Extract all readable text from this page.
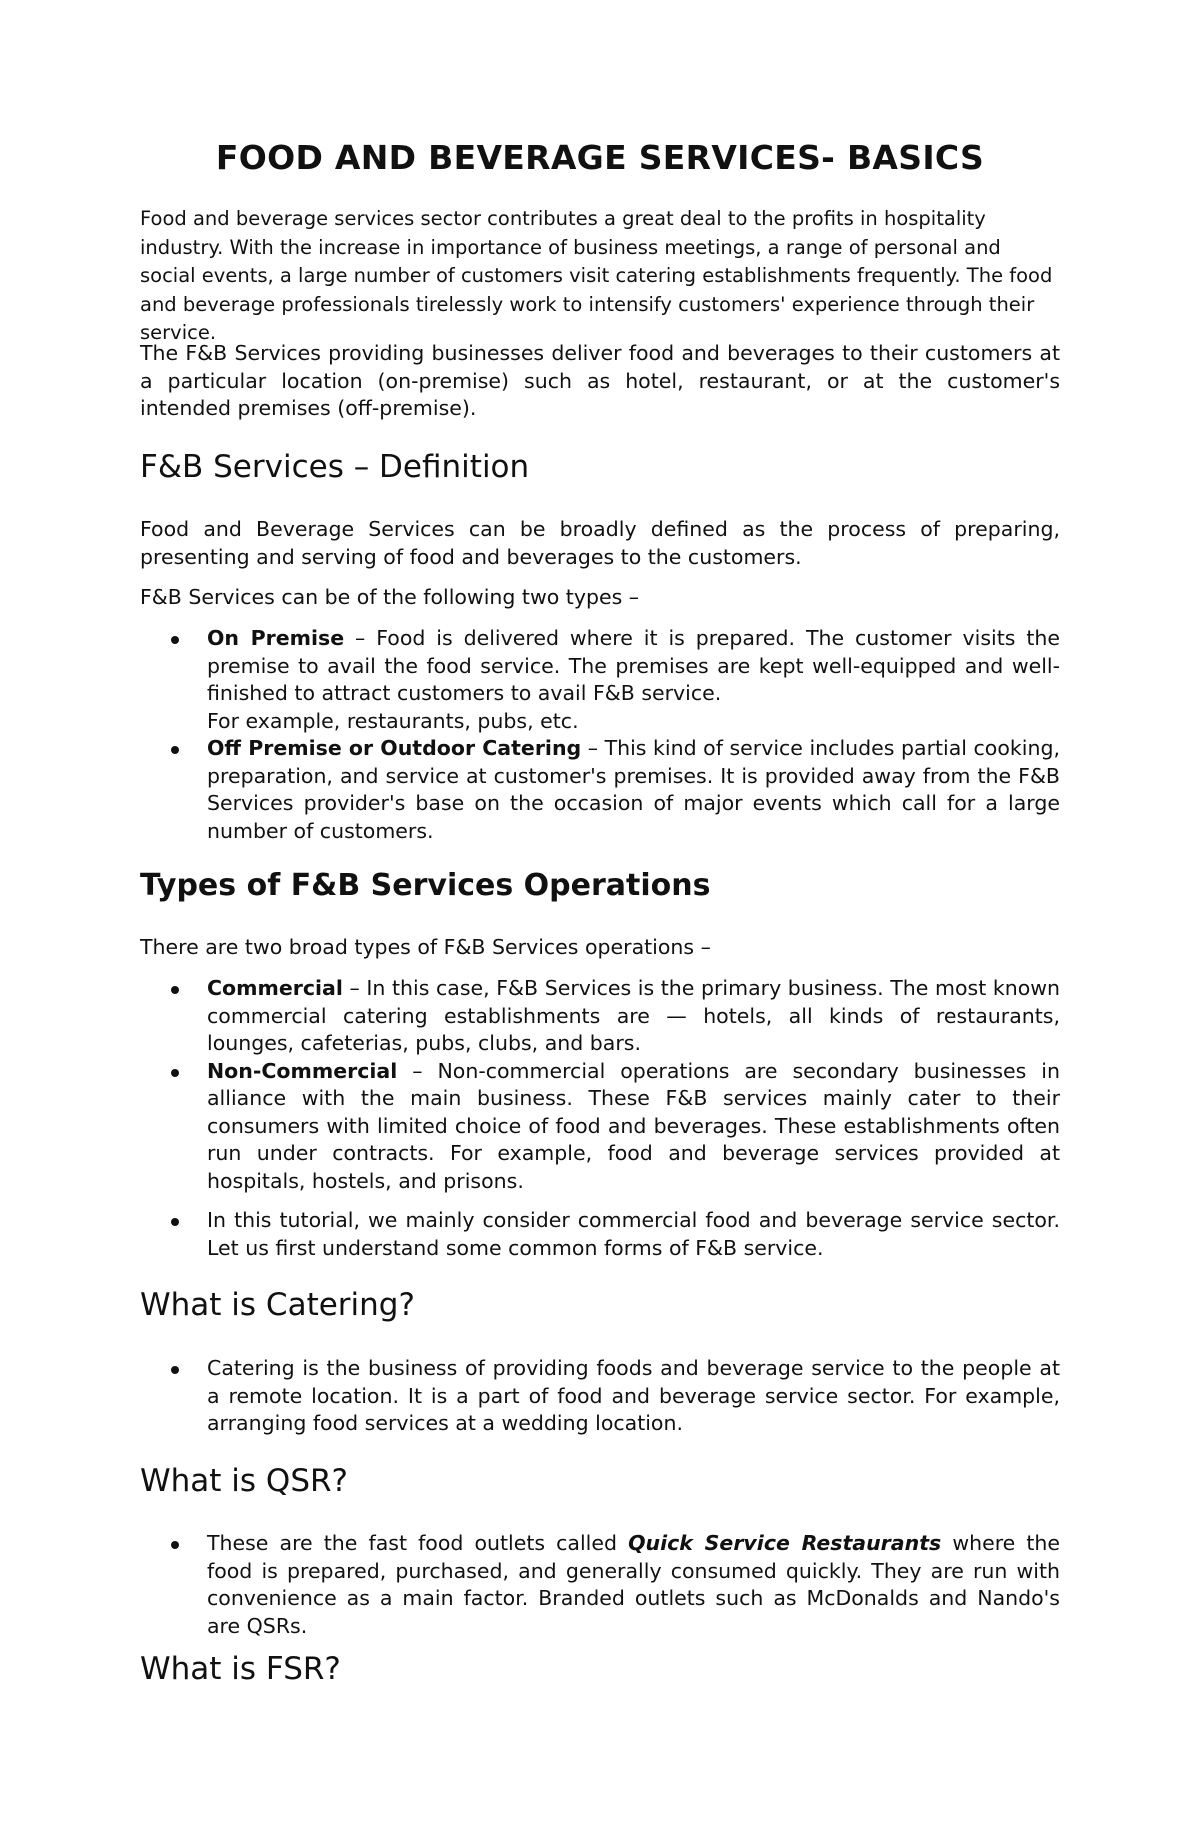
FOOD AND BEVERAGE SERVICES- BASICS

Food and beverage services sector contributes a great deal to the profits in hospitality industry. With the increase in importance of business meetings, a range of personal and social events, a large number of customers visit catering establishments frequently. The food and beverage professionals tirelessly work to intensify customers' experience through their service.

The F&B Services providing businesses deliver food and beverages to their customers at a particular location (on-premise) such as hotel, restaurant, or at the customer's intended premises (off-premise).

F&B Services – Definition

Food and Beverage Services can be broadly defined as the process of preparing, presenting and serving of food and beverages to the customers.

F&B Services can be of the following two types –

On Premise – Food is delivered where it is prepared. The customer visits the premise to avail the food service. The premises are kept well-equipped and well-finished to attract customers to avail F&B service.
For example, restaurants, pubs, etc.
Off Premise or Outdoor Catering – This kind of service includes partial cooking, preparation, and service at customer's premises. It is provided away from the F&B Services provider's base on the occasion of major events which call for a large number of customers.
Types of F&B Services Operations

There are two broad types of F&B Services operations –

Commercial – In this case, F&B Services is the primary business. The most known commercial catering establishments are — hotels, all kinds of restaurants, lounges, cafeterias, pubs, clubs, and bars.
Non-Commercial – Non-commercial operations are secondary businesses in alliance with the main business. These F&B services mainly cater to their consumers with limited choice of food and beverages. These establishments often run under contracts. For example, food and beverage services provided at hospitals, hostels, and prisons.
In this tutorial, we mainly consider commercial food and beverage service sector. Let us first understand some common forms of F&B service.
What is Catering?
Catering is the business of providing foods and beverage service to the people at a remote location. It is a part of food and beverage service sector. For example, arranging food services at a wedding location.
What is QSR?
These are the fast food outlets called Quick Service Restaurants where the food is prepared, purchased, and generally consumed quickly. They are run with convenience as a main factor. Branded outlets such as McDonalds and Nando's are QSRs.
What is FSR?
